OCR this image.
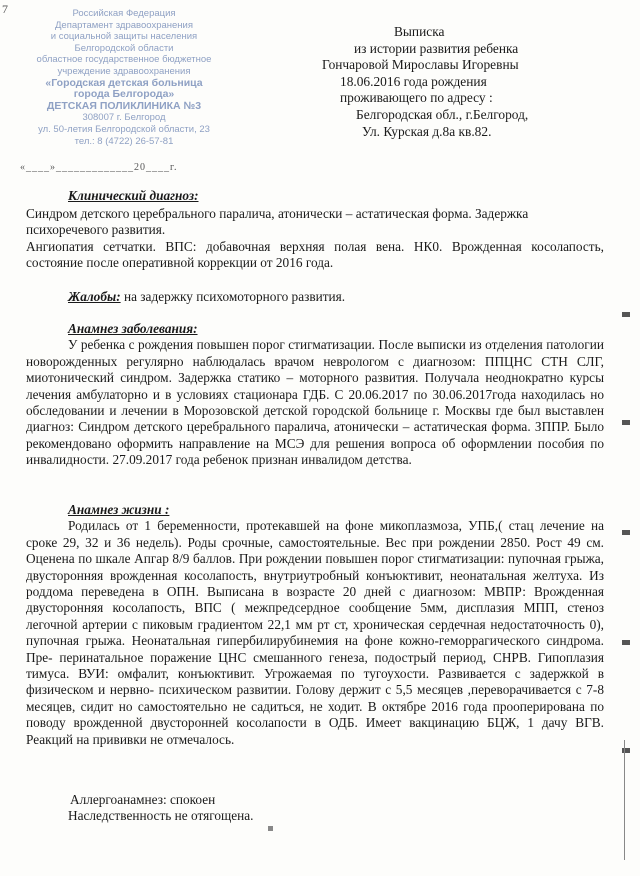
7	Российская Федерация
Департамент здравоохранения
и социальной защиты населения
Белгородской области
областное государственное бюджетное
учреждение здравоохранения
«Городская детская больница
города Белгорода»
ДЕТСКАЯ ПОЛИКЛИНИКА №3
308007 г. Белгород
ул. 50-летия Белгородской области, 23
тел.: 8 (4722) 26-57-81
«____»_____________20____г.
Выписка
из истории развития ребенка
Гончаровой Мирославы Игоревны
18.06.2016 года рождения
проживающего по адресу :
Белгородская обл., г.Белгород,
Ул. Курская д.8а кв.82.
Клинический диагноз:

Синдром детского церебрального паралича, атонически – астатическая форма. Задержка психоречевого развития.

Ангиопатия сетчатки. ВПС: добавочная верхняя полая вена. НК0. Врожденная косолапость, состояние после оперативной коррекции от 2016 года.

Жалобы: на задержку психомоторного развития.

Анамнез заболевания:

У ребенка с рождения повышен порог стигматизации. После выписки из отделения патологии новорожденных регулярно наблюдалась врачом неврологом с диагнозом: ППЦНС СТН СЛГ, миотонический синдром. Задержка статико – моторного развития. Получала неоднократно курсы лечения амбулаторно и в условиях стационара ГДБ. С 20.06.2017 по 30.06.2017года находилась но обследовании и лечении в Морозовской детской городской больнице г. Москвы где был выставлен диагноз: Синдром детского церебрального паралича, атонически – астатическая форма. ЗППР. Было рекомендовано оформить направление на МСЭ для решения вопроса об оформлении пособия по инвалидности. 27.09.2017 года ребенок признан инвалидом детства.

Анамнез жизни :

Родилась от 1 беременности, протекавшей на фоне микоплазмоза, УПБ,( стац лечение на сроке 29, 32 и 36 недель). Роды срочные, самостоятельные. Вес при рождении 2850. Рост 49 см. Оценена по шкале Апгар 8/9 баллов. При рождении повышен порог стигматизации: пупочная грыжа, двусторонняя врожденная косолапость, внутриутробный конъюктивит, неонатальная желтуха. Из роддома переведена в ОПН. Выписана в возрасте 20 дней с диагнозом: МВПР: Врожденная двусторонняя косолапость, ВПС ( межпредсердное сообщение 5мм, дисплазия МПП, стеноз легочной артерии с пиковым градиентом 22,1 мм рт ст, хроническая сердечная недостаточность 0), пупочная грыжа. Неонатальная гипербилирубинемия на фоне кожно-геморрагического синдрома. Пре- перинатальное поражение ЦНС смешанного генеза, подострый период, СНРВ. Гипоплазия тимуса. ВУИ: омфалит, конъюктивит. Угрожаемая по тугоухости. Развивается с задержкой в физическом и нервно- психическом развитии. Голову держит с 5,5 месяцев ,переворачивается с 7-8 месяцев, сидит но самостоятельно не садиться, не ходит. В октябре 2016 года прооперирована по поводу врожденной двусторонней косолапости в ОДБ. Имеет вакцинацию БЦЖ, 1 дачу ВГВ. Реакций на прививки не отмечалось.

Аллергоанамнез: спокоен

Наследственность не отягощена.
